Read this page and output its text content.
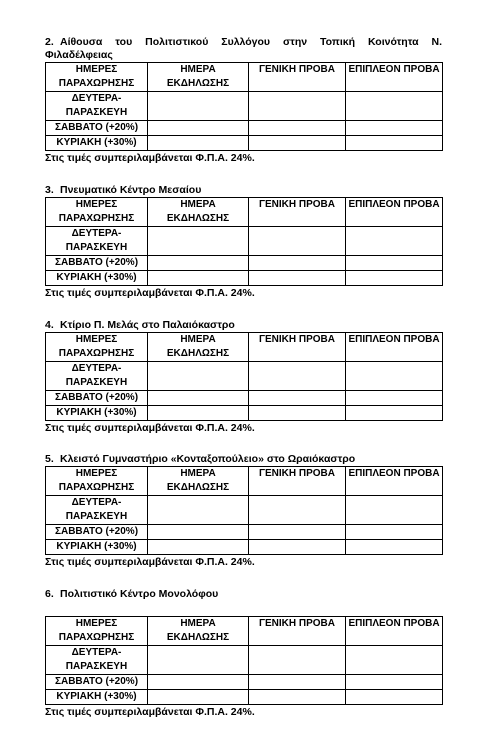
2. Αίθουσα του Πολιτιστικού Συλλόγου στην Τοπική Κοινότητα Ν.

Φιλαδέλφειας

ΗΜΕΡΕΣ ΠΑΡΑΧΩΡΗΣΗΣ	ΗΜΕΡΑ ΕΚΔΗΛΩΣΗΣ	ΓΕΝΙΚΗ ΠΡΟΒΑ	ΕΠΙΠΛΕΟΝ ΠΡΟΒΑ
ΔΕΥΤΕΡΑ-ΠΑΡΑΣΚΕΥΗ			
ΣΑΒΒΑΤΟ (+20%)			
ΚΥΡΙΑΚΗ (+30%)			

Στις τιμές συμπεριλαμβάνεται Φ.Π.Α. 24%.

3. Πνευματικό Κέντρο Μεσαίου

ΗΜΕΡΕΣ ΠΑΡΑΧΩΡΗΣΗΣ	ΗΜΕΡΑ ΕΚΔΗΛΩΣΗΣ	ΓΕΝΙΚΗ ΠΡΟΒΑ	ΕΠΙΠΛΕΟΝ ΠΡΟΒΑ
ΔΕΥΤΕΡΑ-ΠΑΡΑΣΚΕΥΗ			
ΣΑΒΒΑΤΟ (+20%)			
ΚΥΡΙΑΚΗ (+30%)			

Στις τιμές συμπεριλαμβάνεται Φ.Π.Α. 24%.

4. Κτίριο Π. Μελάς στο Παλαιόκαστρο

ΗΜΕΡΕΣ ΠΑΡΑΧΩΡΗΣΗΣ	ΗΜΕΡΑ ΕΚΔΗΛΩΣΗΣ	ΓΕΝΙΚΗ ΠΡΟΒΑ	ΕΠΙΠΛΕΟΝ ΠΡΟΒΑ
ΔΕΥΤΕΡΑ-ΠΑΡΑΣΚΕΥΗ			
ΣΑΒΒΑΤΟ (+20%)			
ΚΥΡΙΑΚΗ (+30%)			

Στις τιμές συμπεριλαμβάνεται Φ.Π.Α. 24%.

5. Κλειστό Γυμναστήριο «Κονταξοπούλειο» στο Ωραιόκαστρο

ΗΜΕΡΕΣ ΠΑΡΑΧΩΡΗΣΗΣ	ΗΜΕΡΑ ΕΚΔΗΛΩΣΗΣ	ΓΕΝΙΚΗ ΠΡΟΒΑ	ΕΠΙΠΛΕΟΝ ΠΡΟΒΑ
ΔΕΥΤΕΡΑ-ΠΑΡΑΣΚΕΥΗ			
ΣΑΒΒΑΤΟ (+20%)			
ΚΥΡΙΑΚΗ (+30%)			

Στις τιμές συμπεριλαμβάνεται Φ.Π.Α. 24%.

6. Πολιτιστικό Κέντρο Μονολόφου

ΗΜΕΡΕΣ ΠΑΡΑΧΩΡΗΣΗΣ	ΗΜΕΡΑ ΕΚΔΗΛΩΣΗΣ	ΓΕΝΙΚΗ ΠΡΟΒΑ	ΕΠΙΠΛΕΟΝ ΠΡΟΒΑ
ΔΕΥΤΕΡΑ-ΠΑΡΑΣΚΕΥΗ			
ΣΑΒΒΑΤΟ (+20%)			
ΚΥΡΙΑΚΗ (+30%)			

Στις τιμές συμπεριλαμβάνεται Φ.Π.Α. 24%.
